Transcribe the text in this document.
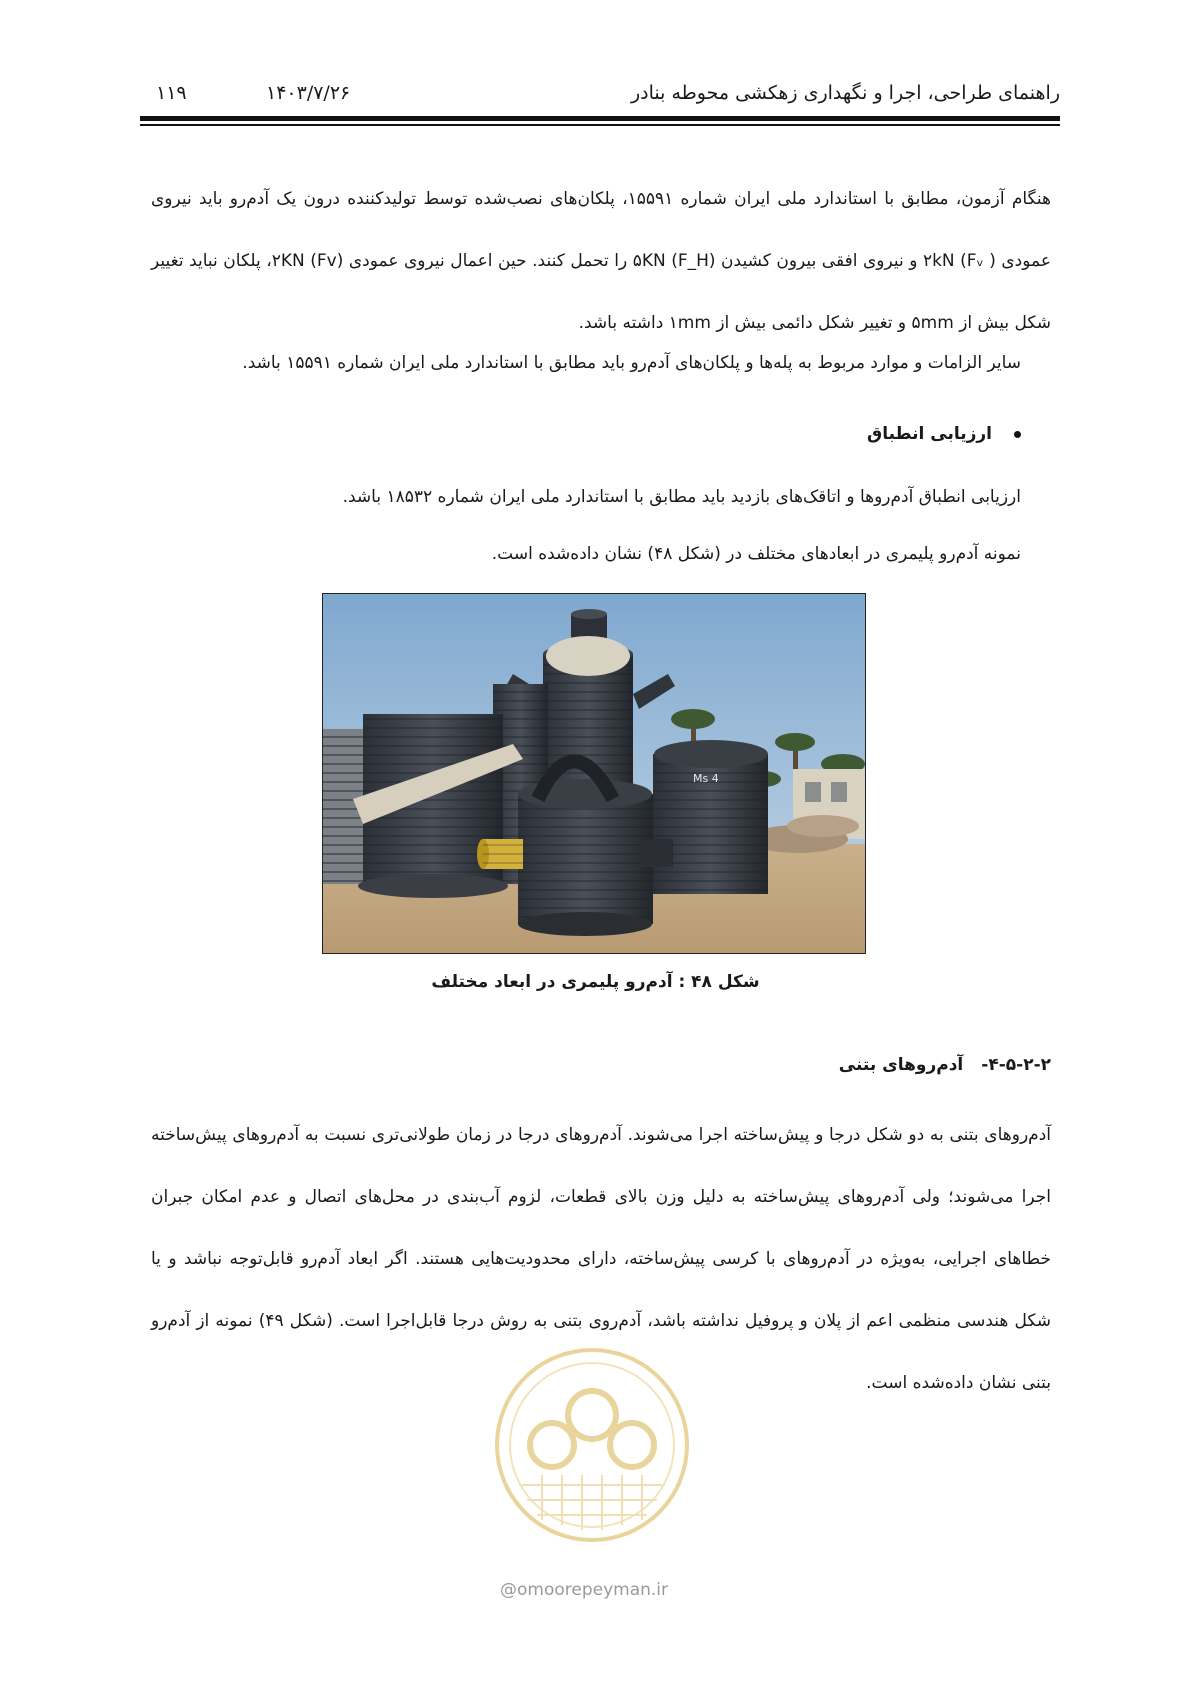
راهنمای طراحی، اجرا و نگهداری زهکشی محوطه بنادر
۱۴۰۳/۷/۲۶
۱۱۹
هنگام آزمون، مطابق با استاندارد ملی ایران شماره ۱۵۵۹۱، پلکان‌های نصب‌شده توسط تولیدکننده درون یک آدم‌رو باید نیروی عمودی ( ۲kN (Fᵥ و نیروی افقی بیرون کشیدن ۵KN (F_H) را تحمل کنند. حین اعمال نیروی عمودی ۲KN (Fv)، پلکان نباید تغییر شکل بیش از ۵mm و تغییر شکل دائمی بیش از ۱mm داشته باشد.
سایر الزامات و موارد مربوط به پله‌ها و پلکان‌های آدم‌رو باید مطابق با استاندارد ملی ایران شماره ۱۵۵۹۱ باشد.
ارزیابی انطباق
ارزیابی انطباق آدم‌روها و اتاقک‌های بازدید باید مطابق با استاندارد ملی ایران شماره ۱۸۵۳۲ باشد.
نمونه آدم‌رو پلیمری در ابعادهای مختلف در (شکل ۴۸) نشان داده‌شده است.
Ms 4
شکل ۴۸ : آدم‌رو پلیمری در ابعاد مختلف
۴-۵-۲-۲-آدم‌روهای بتنی
آدم‌روهای بتنی به دو شکل درجا و پیش‌ساخته اجرا می‌شوند. آدم‌روهای درجا در زمان طولانی‌تری نسبت به آدم‌روهای پیش‌ساخته اجرا می‌شوند؛ ولی آدم‌روهای پیش‌ساخته به دلیل وزن بالای قطعات، لزوم آب‌بندی در محل‌های اتصال و عدم امکان جبران خطاهای اجرایی، به‌ویژه در آدم‌روهای با کرسی پیش‌ساخته، دارای محدودیت‌هایی هستند. اگر ابعاد آدم‌رو قابل‌توجه نباشد و یا شکل هندسی منظمی اعم از پلان و پروفیل نداشته باشد، آدم‌روی بتنی به روش درجا قابل‌اجرا است. (شکل ۴۹) نمونه از آدم‌رو بتنی نشان داده‌شده است.
@omoorepeyman.ir
